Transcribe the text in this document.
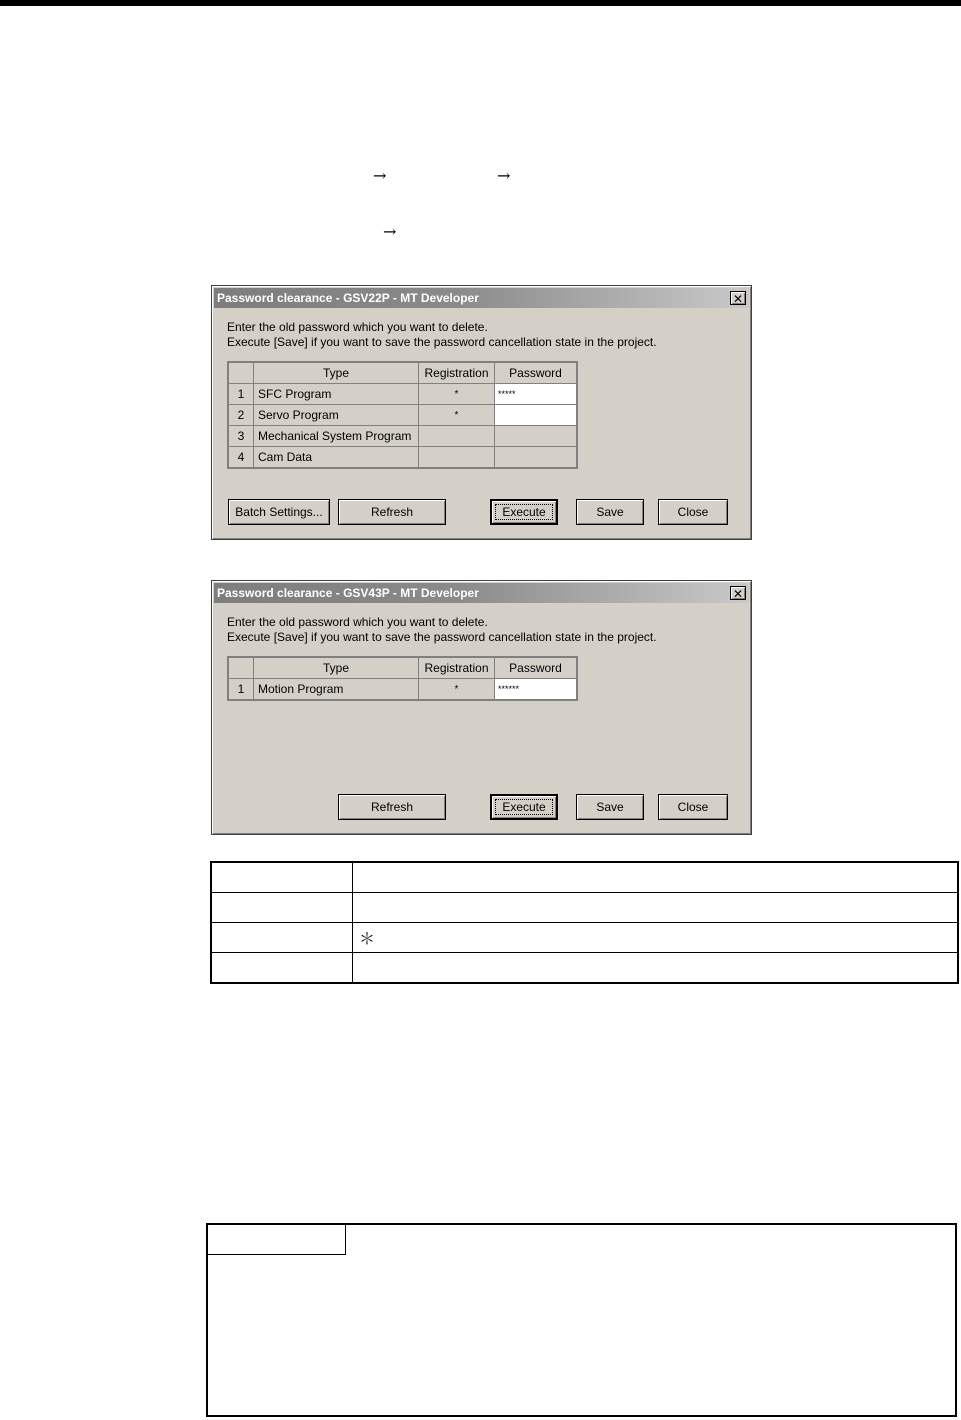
→	→
→
Password clearance - GSV22P - MT Developer	✕
Enter the old password which you want to delete.
Execute [Save] if you want to save the password cancellation state in the project.
	Type	Registration	Password
1	SFC Program	*	*****
2	Servo Program	*	
3	Mechanical System Program		
4	Cam Data		
Batch Settings...	Refresh	Execute	Save	Close
Password clearance - GSV43P - MT Developer	✕
Enter the old password which you want to delete.
Execute [Save] if you want to save the password cancellation state in the project.
	Type	Registration	Password
1	Motion Program	*	******
Refresh	Execute	Save	Close

	＊
